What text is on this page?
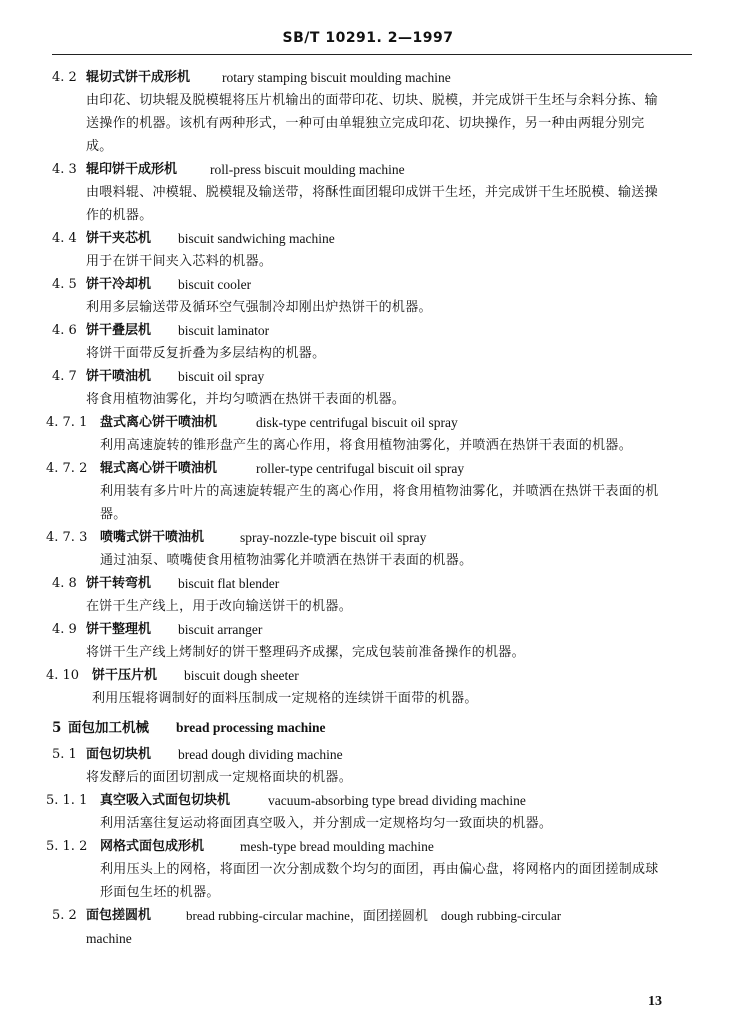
SB/T 10291. 2—1997
4. 2 辊切式饼干成形机 rotary stamping biscuit moulding machine
由印花、切块辊及脱模辊将压片机输出的面带印花、切块、脱模，并完成饼干生坯与余料分拣、输送操作的机器。该机有两种形式，一种可由单辊独立完成印花、切块操作，另一种由两辊分别完成。
4. 3 辊印饼干成形机 roll-press biscuit moulding machine
由喂料辊、冲模辊、脱模辊及输送带，将酥性面团辊印成饼干生坯，并完成饼干生坯脱模、输送操作的机器。
4. 4 饼干夹芯机 biscuit sandwiching machine
用于在饼干间夹入芯料的机器。
4. 5 饼干冷却机 biscuit cooler
利用多层输送带及循环空气强制冷却刚出炉热饼干的机器。
4. 6 饼干叠层机 biscuit laminator
将饼干面带反复折叠为多层结构的机器。
4. 7 饼干喷油机 biscuit oil spray
将食用植物油雾化，并均匀喷洒在热饼干表面的机器。
4. 7. 1 盘式离心饼干喷油机	disk-type centrifugal biscuit oil spray
利用高速旋转的锥形盘产生的离心作用，将食用植物油雾化，并喷洒在热饼干表面的机器。
4. 7. 2 辊式离心饼干喷油机	roller-type centrifugal biscuit oil spray
利用装有多片叶片的高速旋转辊产生的离心作用，将食用植物油雾化，并喷洒在热饼干表面的机器。
4. 7. 3 喷嘴式饼干喷油机	spray-nozzle-type biscuit oil spray
通过油泵、喷嘴使食用植物油雾化并喷洒在热饼干表面的机器。
4. 8 饼干转弯机 biscuit flat blender
在饼干生产线上，用于改向输送饼干的机器。
4. 9 饼干整理机 biscuit arranger
将饼干生产线上烤制好的饼干整理码齐成摞，完成包装前准备操作的机器。
4. 10 饼干压片机 biscuit dough sheeter
利用压辊将调制好的面料压制成一定规格的连续饼干面带的机器。
5 面包加工机械 bread processing machine
5. 1 面包切块机 bread dough dividing machine
将发酵后的面团切割成一定规格面块的机器。
5. 1. 1 真空吸入式面包切块机	vacuum-absorbing type bread dividing machine
利用活塞往复运动将面团真空吸入，并分割成一定规格均匀一致面块的机器。
5. 1. 2 网格式面包成形机	mesh-type bread moulding machine
利用压头上的网格，将面团一次分割成数个均匀的面团，再由偏心盘，将网格内的面团搓制成球形面包生坯的机器。
5. 2 面包搓圆机	bread rubbing-circular machine，面团搓圆机　dough rubbing-circular
machine
13
